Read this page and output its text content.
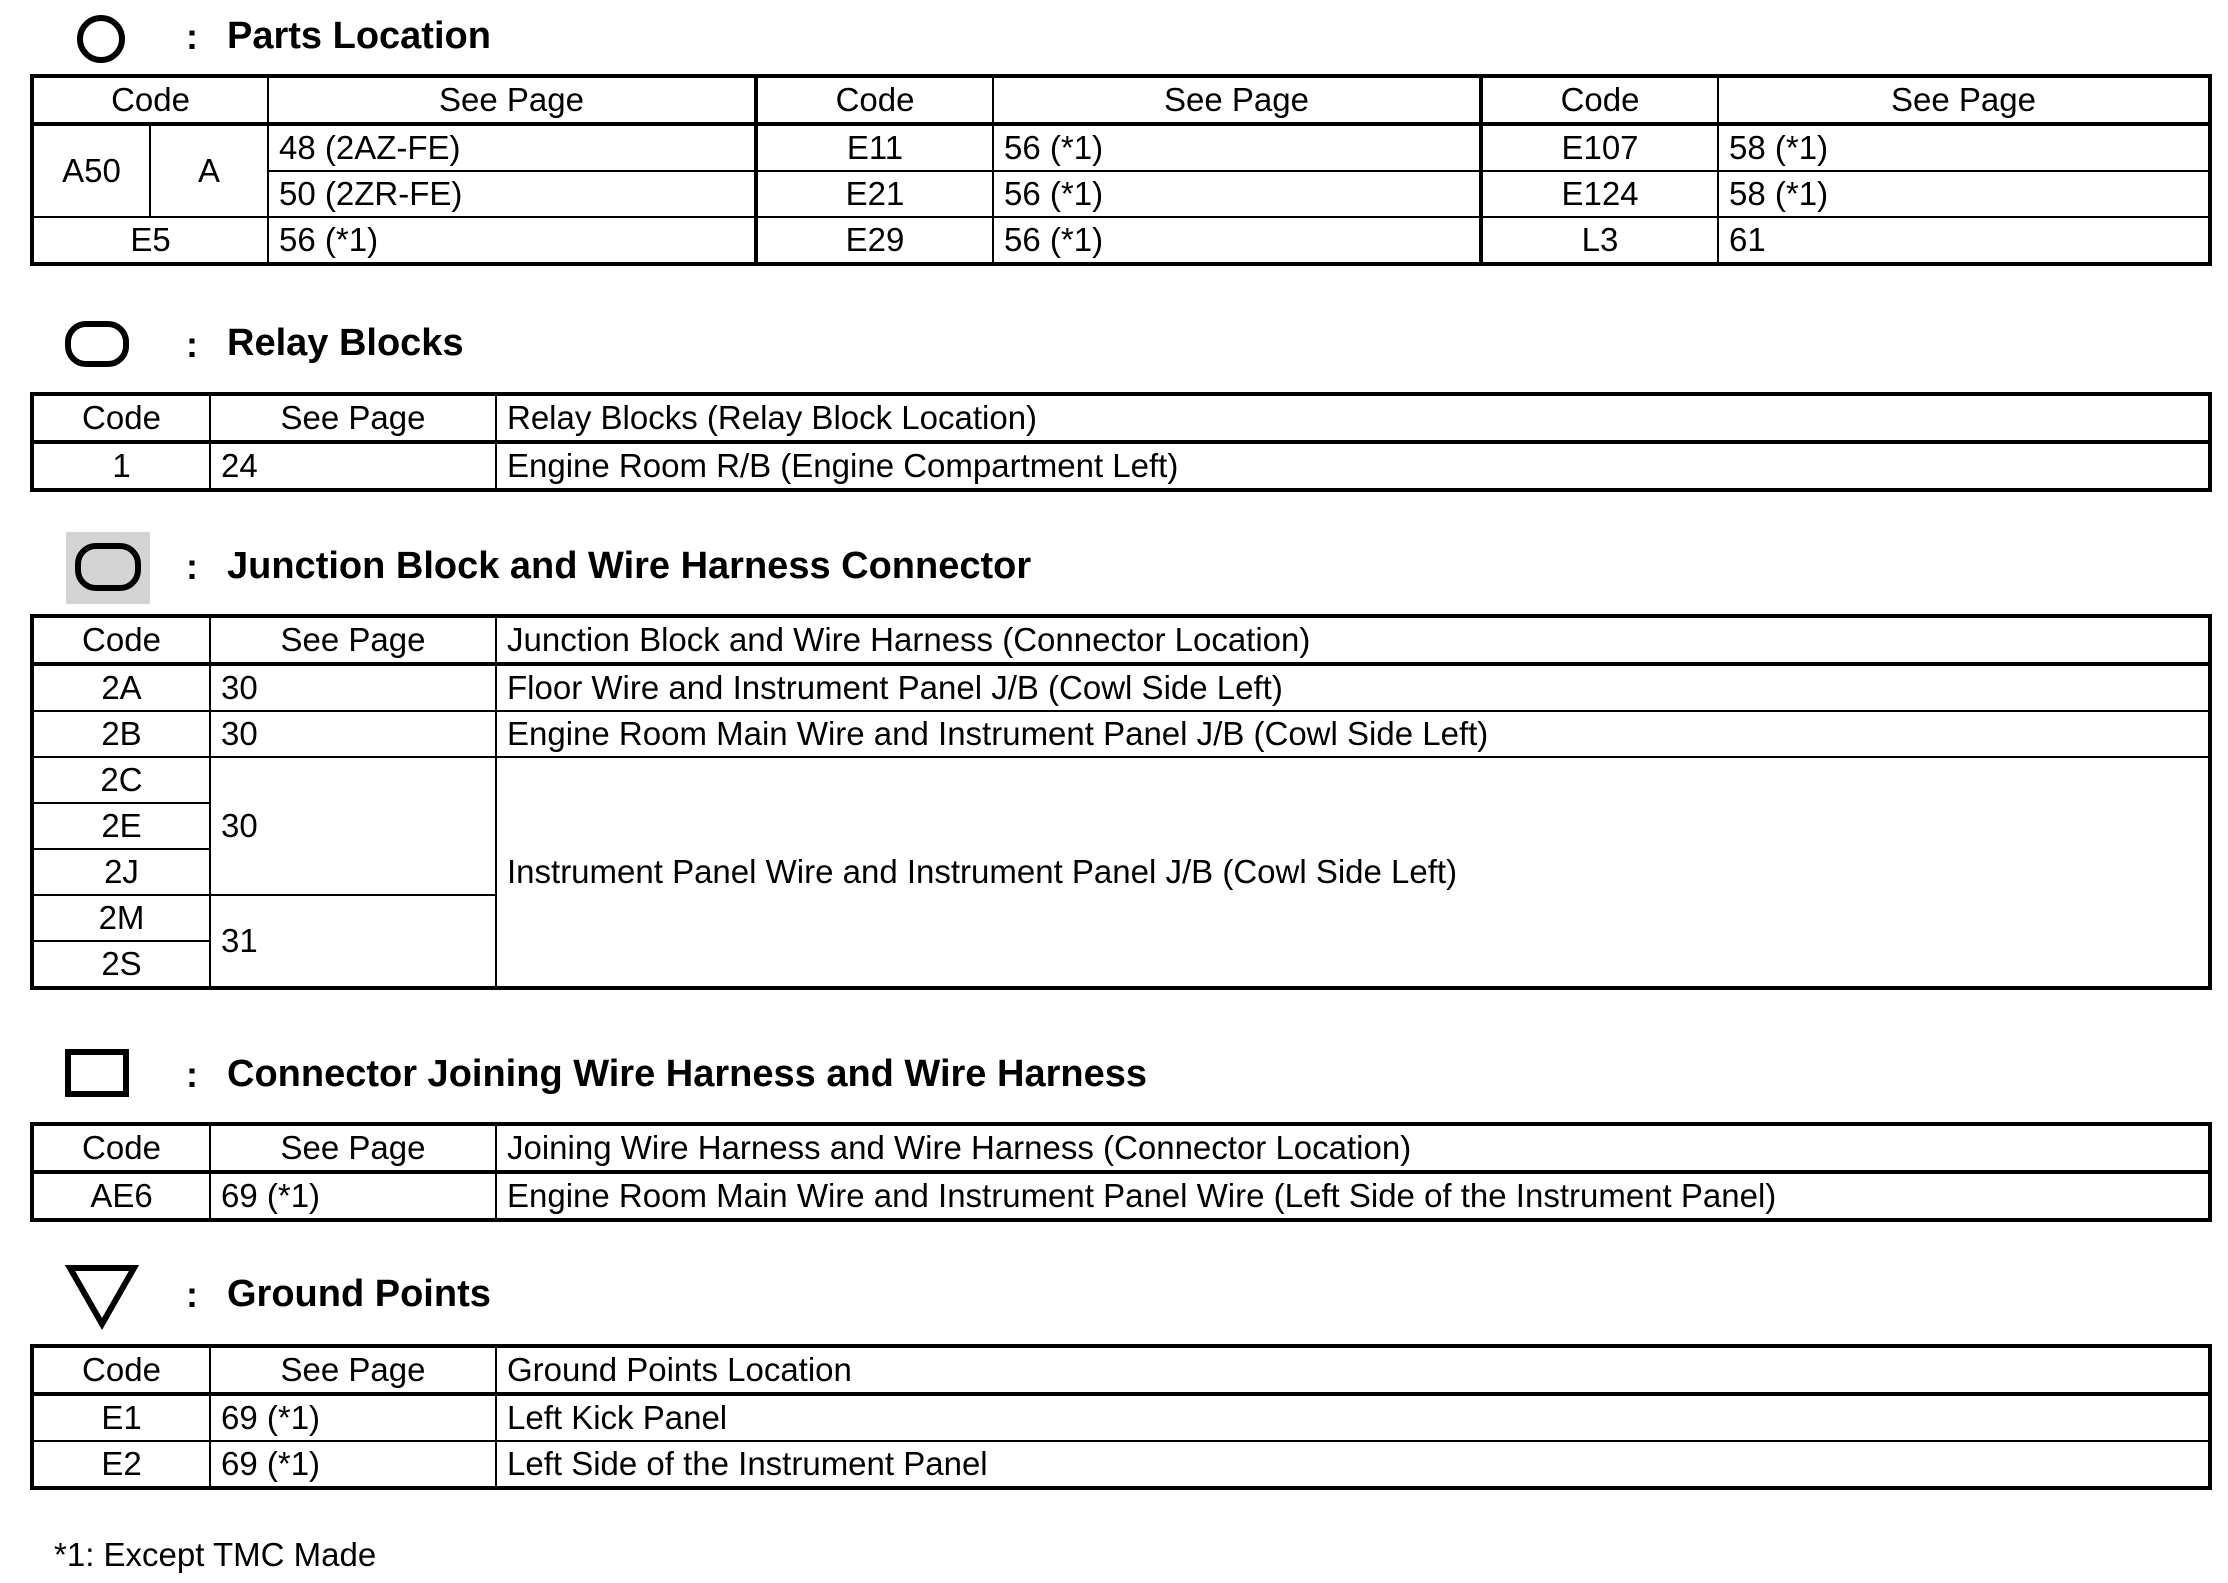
: Parts Location
Code		See Page	Code	See Page	Code	See Page
A50	A	48 (2AZ-FE)	E11	56 (*1)	E107	58 (*1)
		50 (2ZR-FE)	E21	56 (*1)	E124	58 (*1)
E5		56 (*1)	E29	56 (*1)	L3	61
: Relay Blocks
Code	See Page	Relay Blocks (Relay Block Location)
1	24	Engine Room R/B (Engine Compartment Left)
: Junction Block and Wire Harness Connector
Code	See Page	Junction Block and Wire Harness (Connector Location)
2A	30	Floor Wire and Instrument Panel J/B (Cowl Side Left)
2B	30	Engine Room Main Wire and Instrument Panel J/B (Cowl Side Left)
2C	30	Instrument Panel Wire and Instrument Panel J/B (Cowl Side Left)
2E		
2J		
2M	31	
2S		
: Connector Joining Wire Harness and Wire Harness
Code	See Page	Joining Wire Harness and Wire Harness (Connector Location)
AE6	69 (*1)	Engine Room Main Wire and Instrument Panel Wire (Left Side of the Instrument Panel)
: Ground Points
Code	See Page	Ground Points Location
E1	69 (*1)	Left Kick Panel
E2	69 (*1)	Left Side of the Instrument Panel
*1: Except TMC Made
